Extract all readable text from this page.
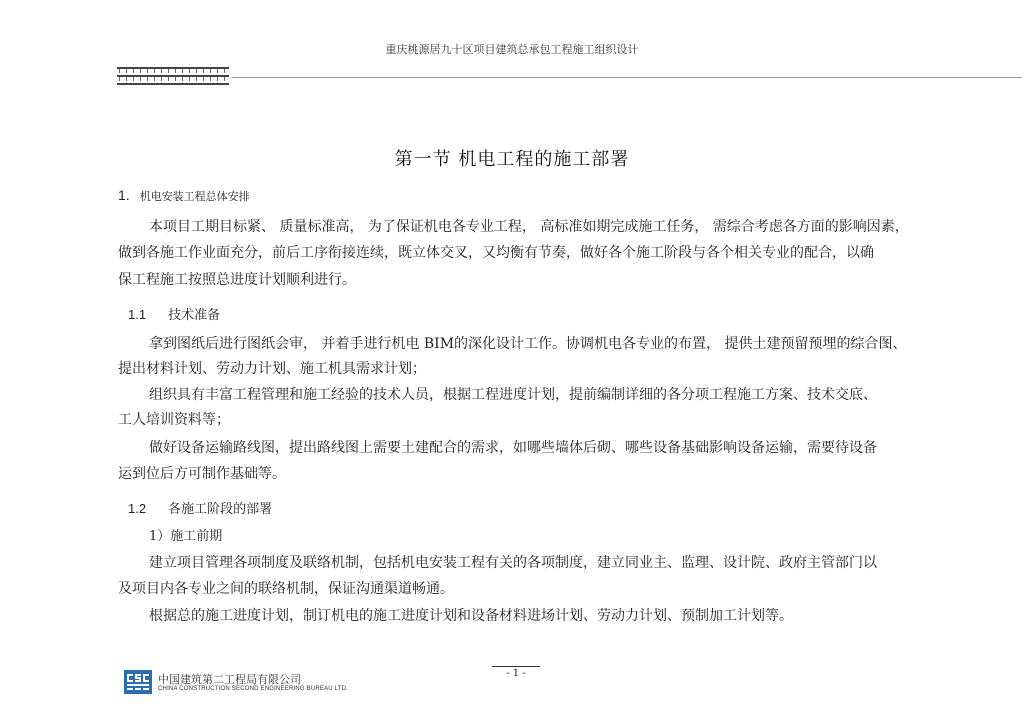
重庆桃源居九十区项目建筑总承包工程施工组织设计
第一节 机电工程的施工部署
1. 机电安装工程总体安排
本项目工期目标紧、 质量标准高， 为了保证机电各专业工程， 高标准如期完成施工任务， 需综合考虑各方面的影响因素，
做到各施工作业面充分，前后工序衔接连续，既立体交叉，又均衡有节奏，做好各个施工阶段与各个相关专业的配合，以确
保工程施工按照总进度计划顺利进行。
1.1 技术准备
拿到图纸后进行图纸会审， 并着手进行机电 BIM的深化设计工作。协调机电各专业的布置， 提供土建预留预埋的综合图、
提出材料计划、劳动力计划、施工机具需求计划；
组织具有丰富工程管理和施工经验的技术人员，根据工程进度计划，提前编制详细的各分项工程施工方案、技术交底、
工人培训资料等；
做好设备运输路线图，提出路线图上需要土建配合的需求，如哪些墙体后砌、哪些设备基础影响设备运输，需要待设备
运到位后方可制作基础等。
1.2 各施工阶段的部署
1）施工前期
建立项目管理各项制度及联络机制，包括机电安装工程有关的各项制度，建立同业主、监理、设计院、政府主管部门以
及项目内各专业之间的联络机制，保证沟通渠道畅通。
根据总的施工进度计划，制订机电的施工进度计划和设备材料进场计划、劳动力计划、预制加工计划等。
- 1 -
中国建筑第二工程局有限公司
CHINA CONSTRUCTION SECOND ENGINEERING BUREAU LTD.
